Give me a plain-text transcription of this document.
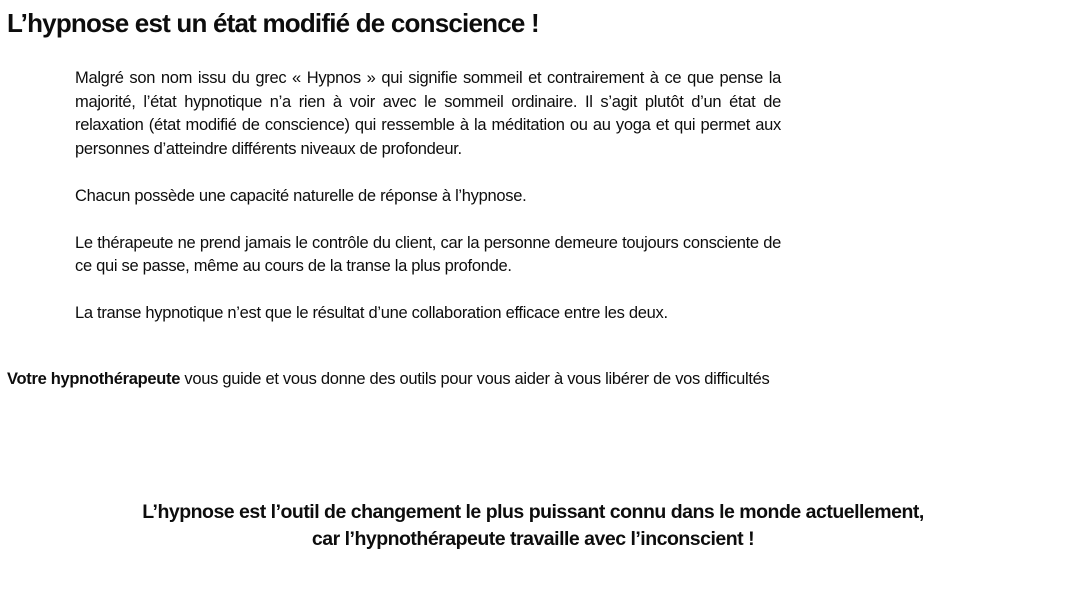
L’hypnose est un état modifié de conscience !

Malgré son nom issu du grec « Hypnos » qui signifie sommeil et contrairement à ce que pense la majorité, l’état hypnotique n’a rien à voir avec le sommeil ordinaire. Il s’agit plutôt d’un état de relaxation (état modifié de conscience) qui ressemble à la méditation ou au yoga et qui permet aux personnes d’atteindre différents niveaux de profondeur.

Chacun possède une capacité naturelle de réponse à l’hypnose.

Le thérapeute ne prend jamais le contrôle du client, car la personne demeure toujours consciente de ce qui se passe, même au cours de la transe la plus profonde.

La transe hypnotique n’est que le résultat d’une collaboration efficace entre les deux.

Votre hypnothérapeute vous guide et vous donne des outils pour vous aider à vous libérer de vos difficultés

L’hypnose est l’outil de changement le plus puissant connu dans le monde actuellement,
car l’hypnothérapeute travaille avec l’inconscient !
